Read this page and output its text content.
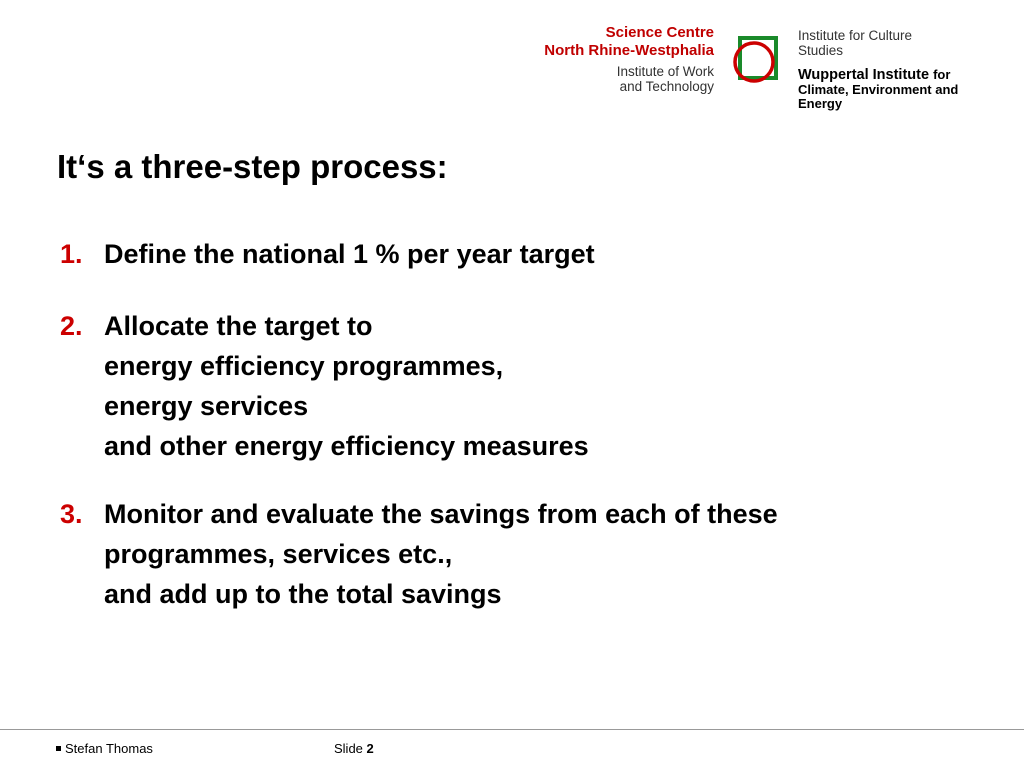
Science Centre
North Rhine-Westphalia
Institute of Work
and Technology
Institute for Culture
Studies
Wuppertal Institute for
Climate, Environment and
Energy
It‘s a three-step process:
1. Define the national 1 % per year target
2. Allocate the target to
energy efficiency programmes,
energy services
and other energy efficiency measures
3. Monitor and evaluate the savings from each of these
programmes, services etc.,
and add up to the total savings
Stefan Thomas	Slide 2
